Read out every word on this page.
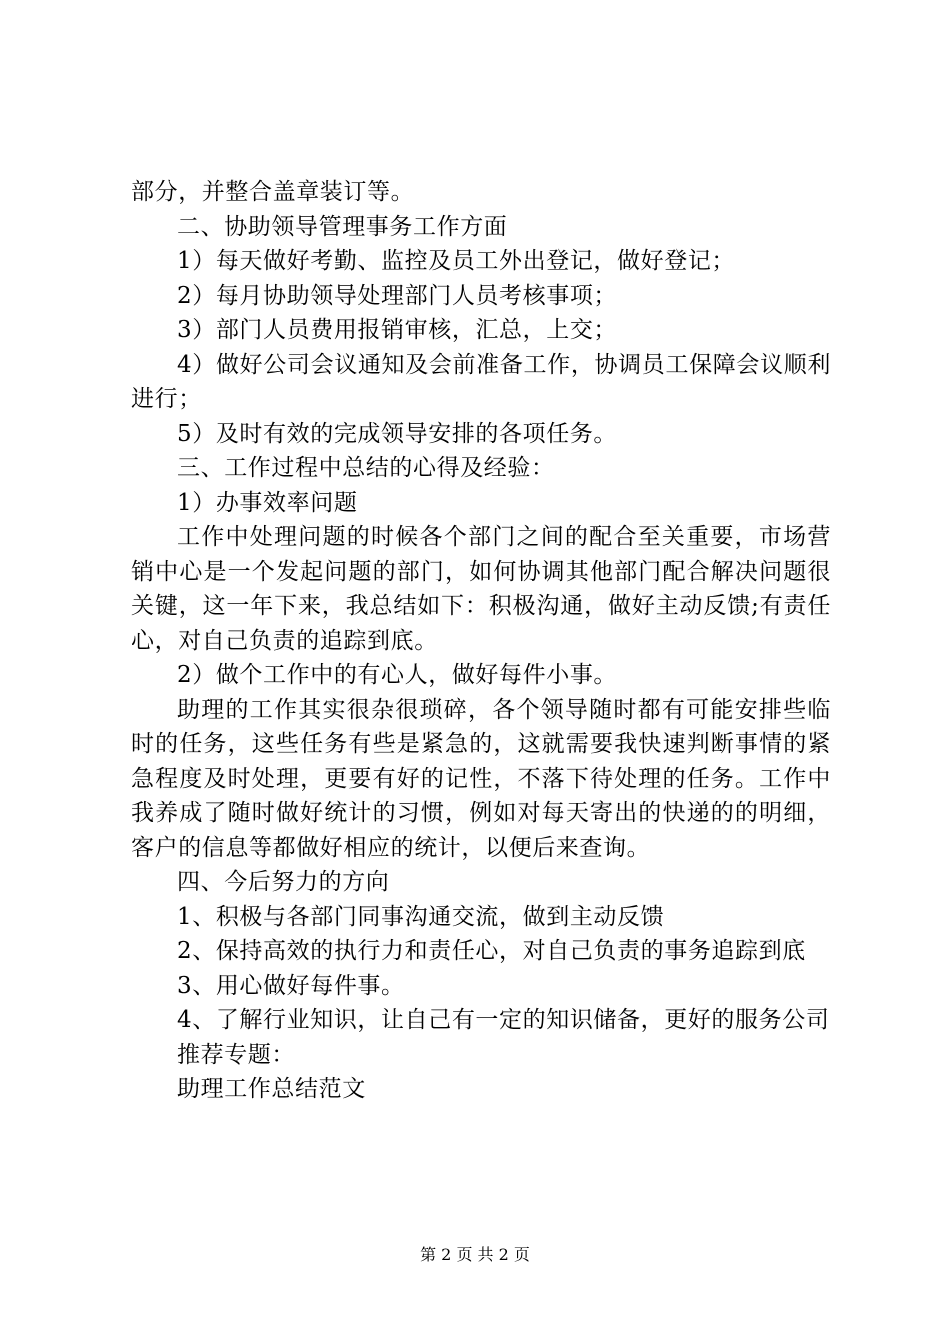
部分，并整合盖章装订等。

二、协助领导管理事务工作方面

1）每天做好考勤、监控及员工外出登记，做好登记；

2）每月协助领导处理部门人员考核事项；

3）部门人员费用报销审核，汇总，上交；

4）做好公司会议通知及会前准备工作，协调员工保障会议顺利进行；

5）及时有效的完成领导安排的各项任务。

三、工作过程中总结的心得及经验：

1）办事效率问题

工作中处理问题的时候各个部门之间的配合至关重要，市场营销中心是一个发起问题的部门，如何协调其他部门配合解决问题很关键，这一年下来，我总结如下：积极沟通，做好主动反馈;有责任心，对自己负责的追踪到底。

2）做个工作中的有心人，做好每件小事。

助理的工作其实很杂很琐碎，各个领导随时都有可能安排些临时的任务，这些任务有些是紧急的，这就需要我快速判断事情的紧急程度及时处理，更要有好的记性，不落下待处理的任务。工作中我养成了随时做好统计的习惯，例如对每天寄出的快递的的明细，客户的信息等都做好相应的统计，以便后来查询。

四、今后努力的方向

1、积极与各部门同事沟通交流，做到主动反馈

2、保持高效的执行力和责任心，对自己负责的事务追踪到底

3、用心做好每件事。

4、了解行业知识，让自己有一定的知识储备，更好的服务公司

推荐专题：

助理工作总结范文

第 2 页 共 2 页
